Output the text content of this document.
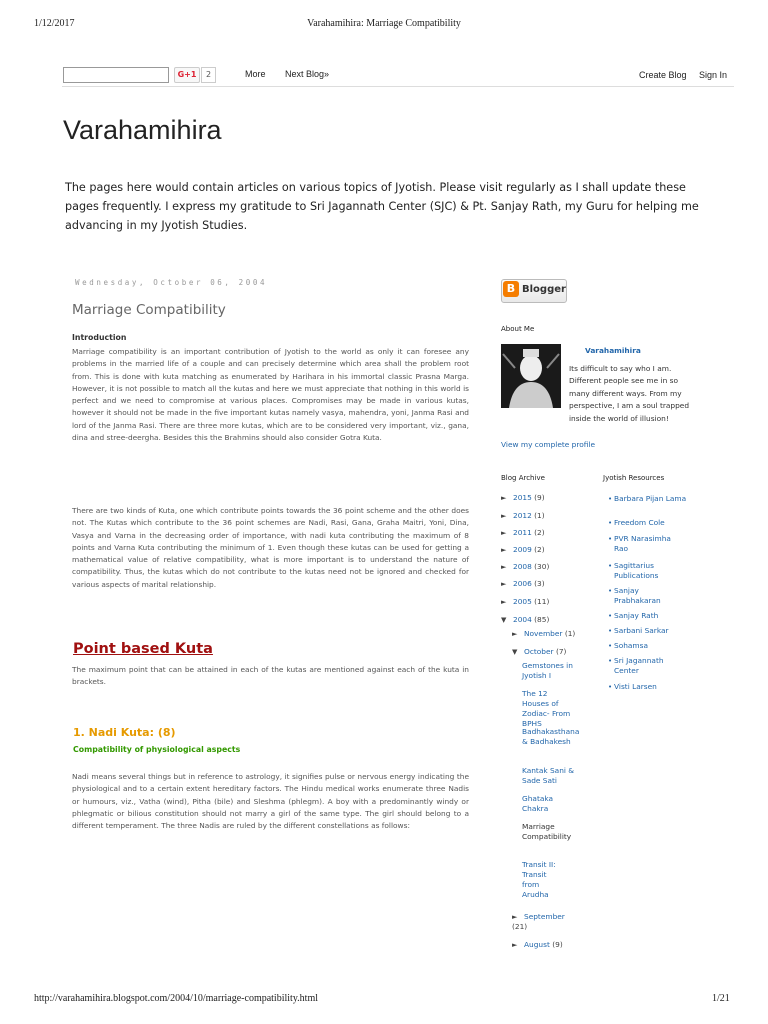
1/12/2017	Varahamihira: Marriage Compatibility
G+1	2	More Next Blog»	Create Blog Sign In
Varahamihira
The pages here would contain articles on various topics of Jyotish. Please visit regularly as I shall update these pages frequently. I express my gratitude to Sri Jagannath Center (SJC) & Pt. Sanjay Rath, my Guru for helping me advancing in my Jyotish Studies.
Wednesday, October 06, 2004
Marriage Compatibility
Introduction
Marriage compatibility is an important contribution of Jyotish to the world as only it can foresee any problems in the married life of a couple and can precisely determine which area shall the problem root from. This is done with kuta matching as enumerated by Harihara in his immortal classic Prasna Marga. However, it is not possible to match all the kutas and here we must appreciate that nothing in this world is perfect and we need to compromise at various places. Compromises may be made in various kutas, however it should not be made in the five important kutas namely vasya, mahendra, yoni, Janma Rasi and lord of the Janma Rasi. There are three more kutas, which are to be considered very important, viz., gana, dina and stree-deergha. Besides this the Brahmins should also consider Gotra Kuta.
There are two kinds of Kuta, one which contribute points towards the 36 point scheme and the other does not. The Kutas which contribute to the 36 point schemes are Nadi, Rasi, Gana, Graha Maitri, Yoni, Dina, Vasya and Varna in the decreasing order of importance, with nadi kuta contributing the maximum of 8 points and Varna Kuta contributing the minimum of 1. Even though these kutas can be used for getting a mathematical value of relative compatibility, what is more important is to understand the nature of compatibility. Thus, the kutas which do not contribute to the kutas need not be ignored and checked for various aspects of marital relationship.
Point based Kuta
The maximum point that can be attained in each of the kutas are mentioned against each of the kuta in brackets.
1. Nadi Kuta: (8)
Compatibility of physiological aspects
Nadi means several things but in reference to astrology, it signifies pulse or nervous energy indicating the physiological and to a certain extent hereditary factors. The Hindu medical works enumerate three Nadis or humours, viz., Vatha (wind), Pitha (bile) and Sleshma (phlegm). A boy with a predominantly windy or phlegmatic or bilious constitution should not marry a girl of the same type. The girl should belong to a different temperament. The three Nadis are ruled by the different constellations as follows:
B Blogger
About Me
Varahamihira
Its difficult to say who I am. Different people see me in so many different ways. From my perspective, I am a soul trapped inside the world of illusion!
View my complete profile
Blog Archive
► 2015 (9)
► 2012 (1)
► 2011 (2)
► 2009 (2)
► 2008 (30)
► 2006 (3)
► 2005 (11)
▼ 2004 (85)
► November (1)
▼ October (7)
Gemstones in Jyotish I
The 12 Houses of Zodiac- From BPHS
Badhakasthana & Badhakesh
Kantak Sani & Sade Sati
Ghataka Chakra
Marriage Compatibility
Transit II: Transit from Arudha
► September (21)
► August (9)
Jyotish Resources
• Barbara Pijan Lama
• Freedom Cole
• PVR Narasimha Rao
• Sagittarius Publications
• Sanjay Prabhakaran
• Sanjay Rath
• Sarbani Sarkar
• Sohamsa
• Sri Jagannath Center
• Visti Larsen
http://varahamihira.blogspot.com/2004/10/marriage-compatibility.html	1/21
